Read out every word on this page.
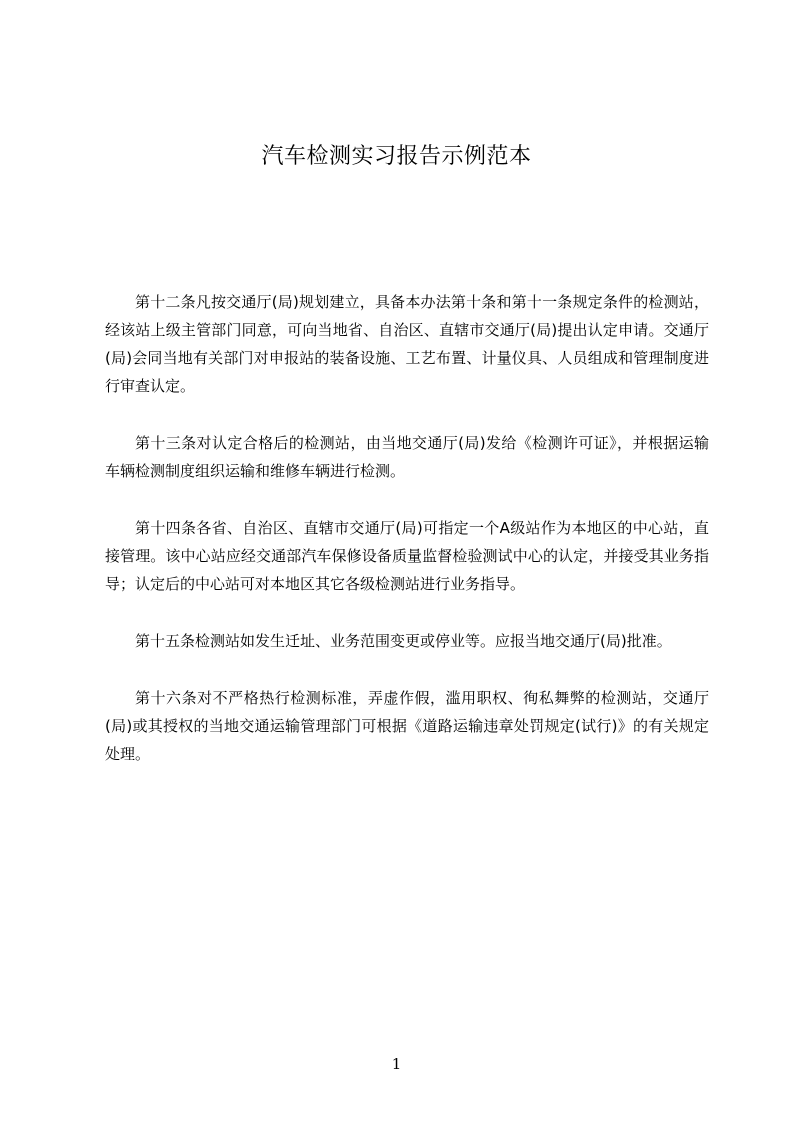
汽车检测实习报告示例范本

第十二条凡按交通厅(局)规划建立，具备本办法第十条和第十一条规定条件的检测站，经该站上级主管部门同意，可向当地省、自治区、直辖市交通厅(局)提出认定申请。交通厅(局)会同当地有关部门对申报站的装备设施、工艺布置、计量仪具、人员组成和管理制度进行审查认定。

第十三条对认定合格后的检测站，由当地交通厅(局)发给《检测许可证》，并根据运输车辆检测制度组织运输和维修车辆进行检测。

第十四条各省、自治区、直辖市交通厅(局)可指定一个A级站作为本地区的中心站，直接管理。该中心站应经交通部汽车保修设备质量监督检验测试中心的认定，并接受其业务指导；认定后的中心站可对本地区其它各级检测站进行业务指导。

第十五条检测站如发生迁址、业务范围变更或停业等。应报当地交通厅(局)批准。

第十六条对不严格热行检测标准，弄虚作假，滥用职权、徇私舞弊的检测站，交通厅(局)或其授权的当地交通运输管理部门可根据《道路运输违章处罚规定(试行)》的有关规定处理。

1
